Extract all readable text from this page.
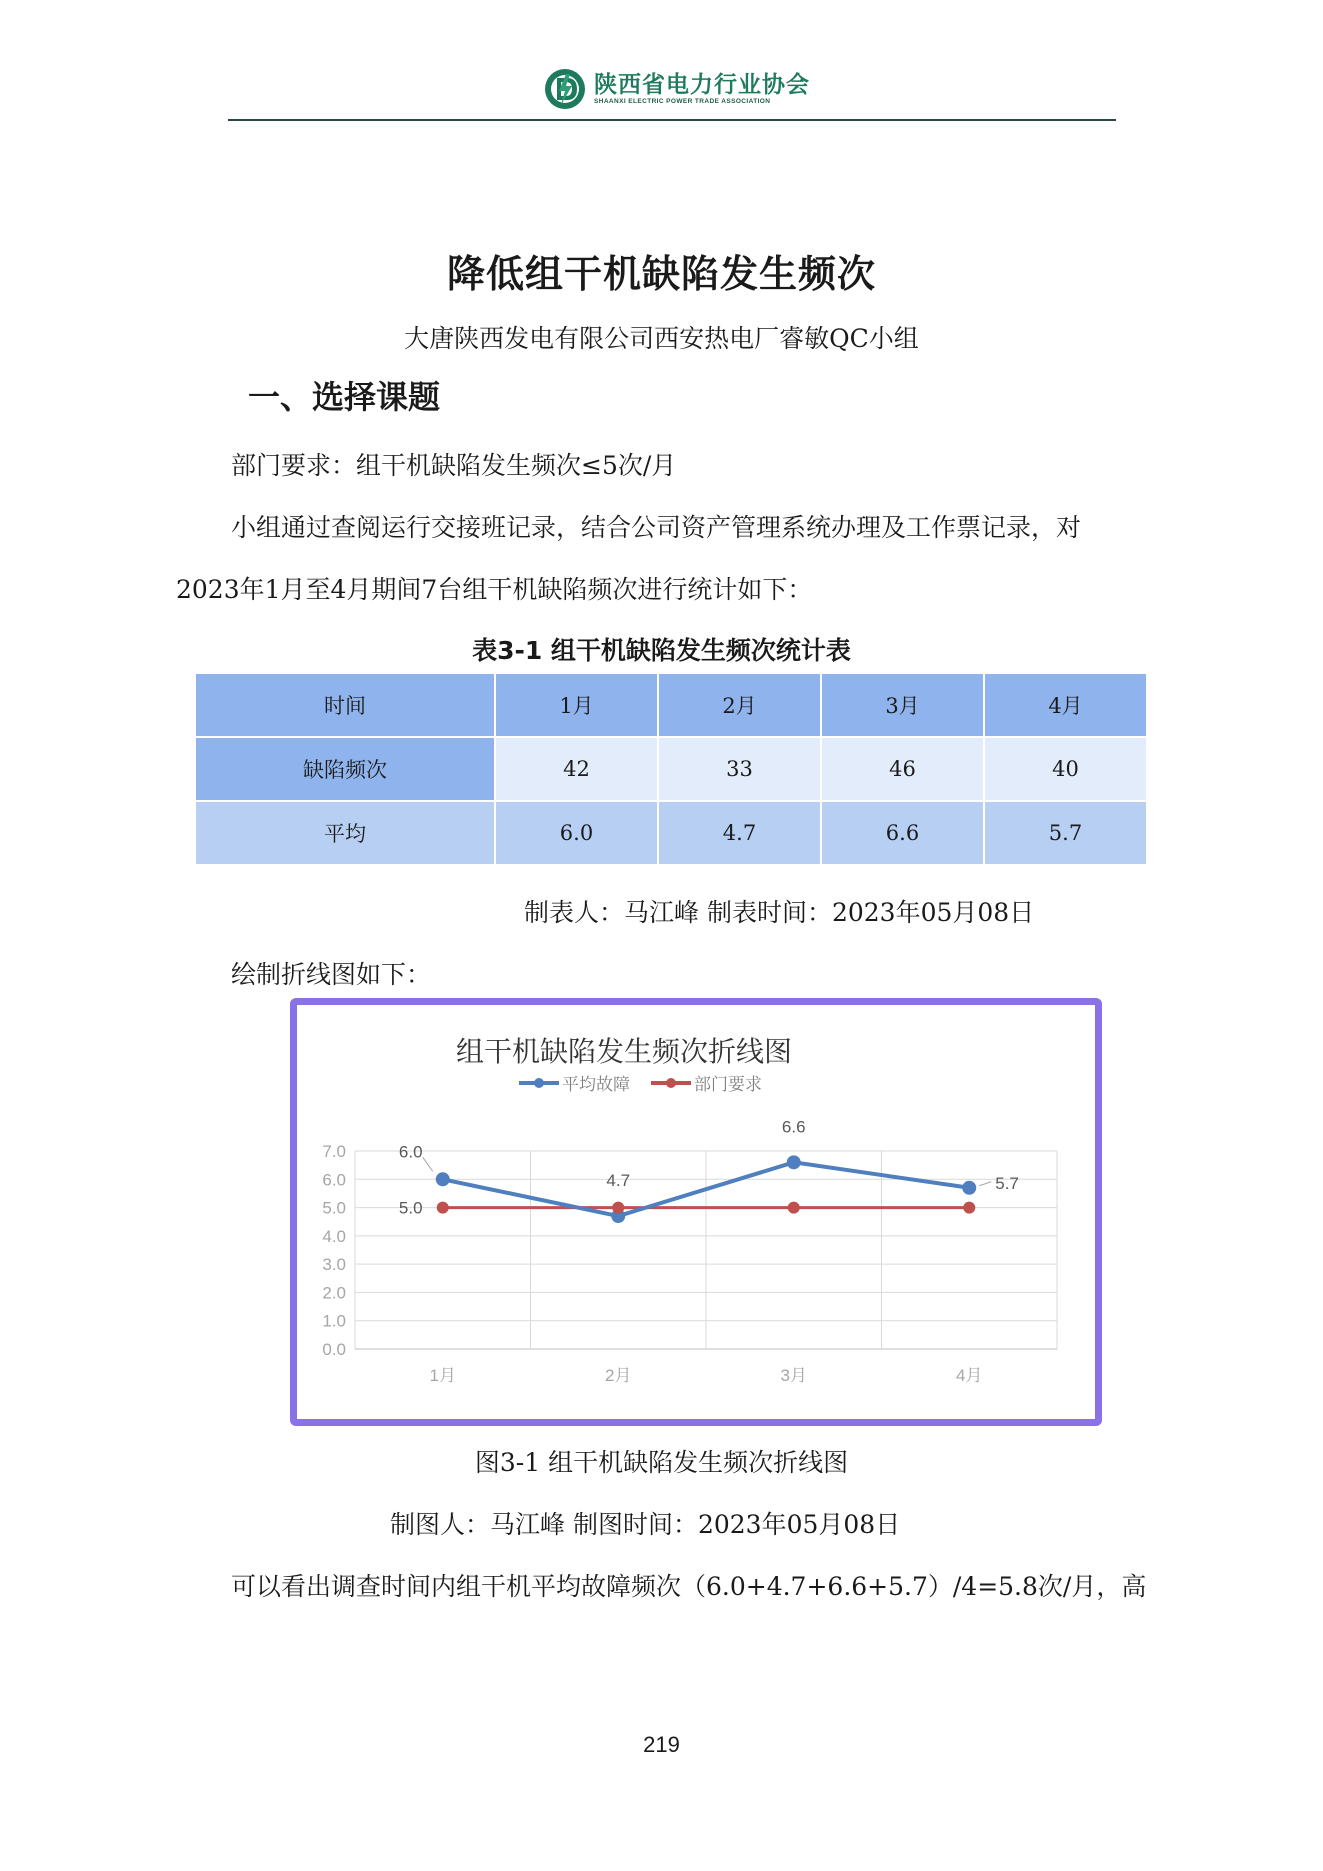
陕西省电力行业协会
SHAANXI ELECTRIC POWER TRADE ASSOCIATION
降低组干机缺陷发生频次
大唐陕西发电有限公司西安热电厂睿敏QC小组
一、选择课题
部门要求：组干机缺陷发生频次≤5次/月
小组通过查阅运行交接班记录，结合公司资产管理系统办理及工作票记录，对
2023年1月至4月期间7台组干机缺陷频次进行统计如下：
表3-1 组干机缺陷发生频次统计表
时间	1月	2月	3月	4月
缺陷频次	42	33	46	40
平均	6.0	4.7	6.6	5.7
制表人：马江峰 制表时间：2023年05月08日
绘制折线图如下：
组干机缺陷发生频次折线图
平均故障	部门要求
0.0
1.0
2.0
3.0
4.0
5.0
6.0
7.0
1月	2月	3月	4月
6.0
4.7
6.6
5.7
5.0
图3-1 组干机缺陷发生频次折线图
制图人：马江峰 制图时间：2023年05月08日
可以看出调查时间内组干机平均故障频次（6.0+4.7+6.6+5.7）/4=5.8次/月，高
219
